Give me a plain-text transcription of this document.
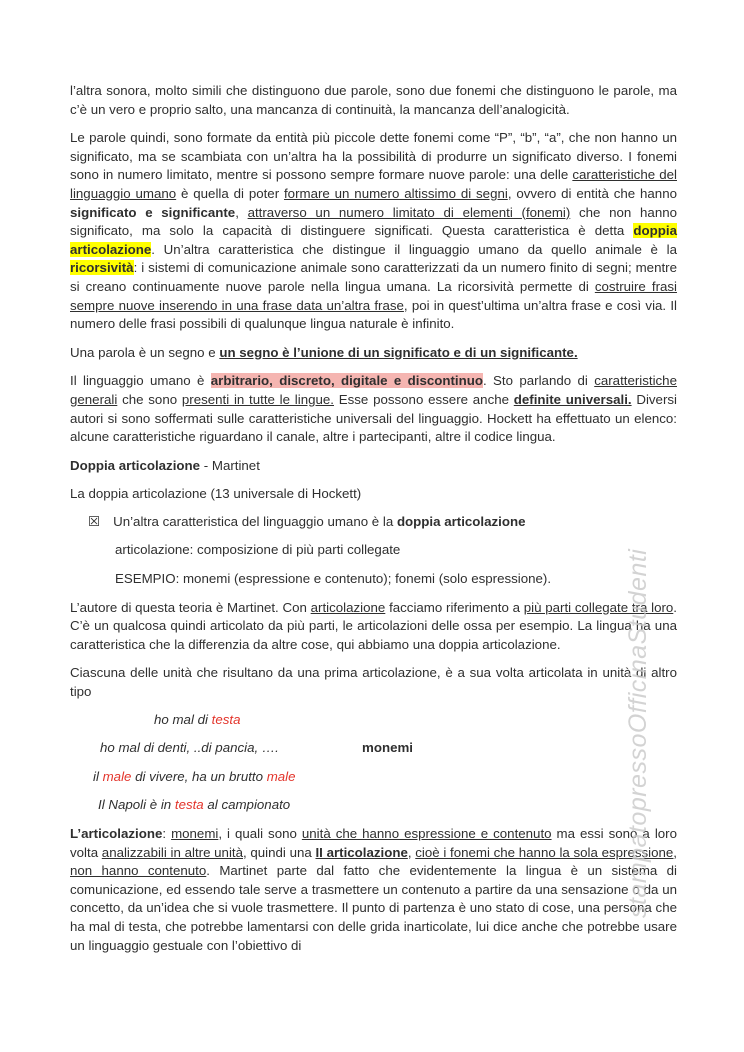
l’altra sonora, molto simili che distinguono due parole, sono due fonemi che distinguono le parole, ma c’è un vero e proprio salto, una mancanza di continuità, la mancanza dell’analogicità.

Le parole quindi, sono formate da entità più piccole dette fonemi come “P”, “b”, “a”, che non hanno un significato, ma se scambiata con un’altra ha la possibilità di produrre un significato diverso. I fonemi sono in numero limitato, mentre si possono sempre formare nuove parole: una delle caratteristiche del linguaggio umano è quella di poter formare un numero altissimo di segni, ovvero di entità che hanno significato e significante, attraverso un numero limitato di elementi (fonemi) che non hanno significato, ma solo la capacità di distinguere significati. Questa caratteristica è detta doppia articolazione. Un’altra caratteristica che distingue il linguaggio umano da quello animale è la ricorsività: i sistemi di comunicazione animale sono caratterizzati da un numero finito di segni; mentre si creano continuamente nuove parole nella lingua umana. La ricorsività permette di costruire frasi sempre nuove inserendo in una frase data un’altra frase, poi in quest’ultima un’altra frase e così via. Il numero delle frasi possibili di qualunque lingua naturale è infinito.

Una parola è un segno e un segno è l’unione di un significato e di un significante.

Il linguaggio umano è arbitrario, discreto, digitale e discontinuo. Sto parlando di caratteristiche generali che sono presenti in tutte le lingue. Esse possono essere anche definite universali. Diversi autori si sono soffermati sulle caratteristiche universali del linguaggio. Hockett ha effettuato un elenco: alcune caratteristiche riguardano il canale, altre i partecipanti, altre il codice lingua.

Doppia articolazione - Martinet

La doppia articolazione (13 universale di Hockett)

☒ Un’altra caratteristica del linguaggio umano è la doppia articolazione

articolazione: composizione di più parti collegate

ESEMPIO: monemi (espressione e contenuto); fonemi (solo espressione).

L’autore di questa teoria è Martinet. Con articolazione facciamo riferimento a più parti collegate tra loro. C’è un qualcosa quindi articolato da più parti, le articolazioni delle ossa per esempio. La lingua ha una caratteristica che la differenzia da altre cose, qui abbiamo una doppia articolazione.

Ciascuna delle unità che risultano da una prima articolazione, è a sua volta articolata in unità di altro tipo

ho mal di testa

ho mal di denti, ..di pancia, ….	monemi

il male di vivere, ha un brutto male

Il Napoli è in testa al campionato

L’articolazione: monemi, i quali sono unità che hanno espressione e contenuto ma essi sono a loro volta analizzabili in altre unità, quindi una II articolazione, cioè i fonemi che hanno la sola espressione, non hanno contenuto. Martinet parte dal fatto che evidentemente la lingua è un sistema di comunicazione, ed essendo tale serve a trasmettere un contenuto a partire da una sensazione o da un concetto, da un’idea che si vuole trasmettere. Il punto di partenza è uno stato di cose, una persona che ha mal di testa, che potrebbe lamentarsi con delle grida inarticolate, lui dice anche che potrebbe usare un linguaggio gestuale con l’obiettivo di

stampatopressoOfficinaStudenti
